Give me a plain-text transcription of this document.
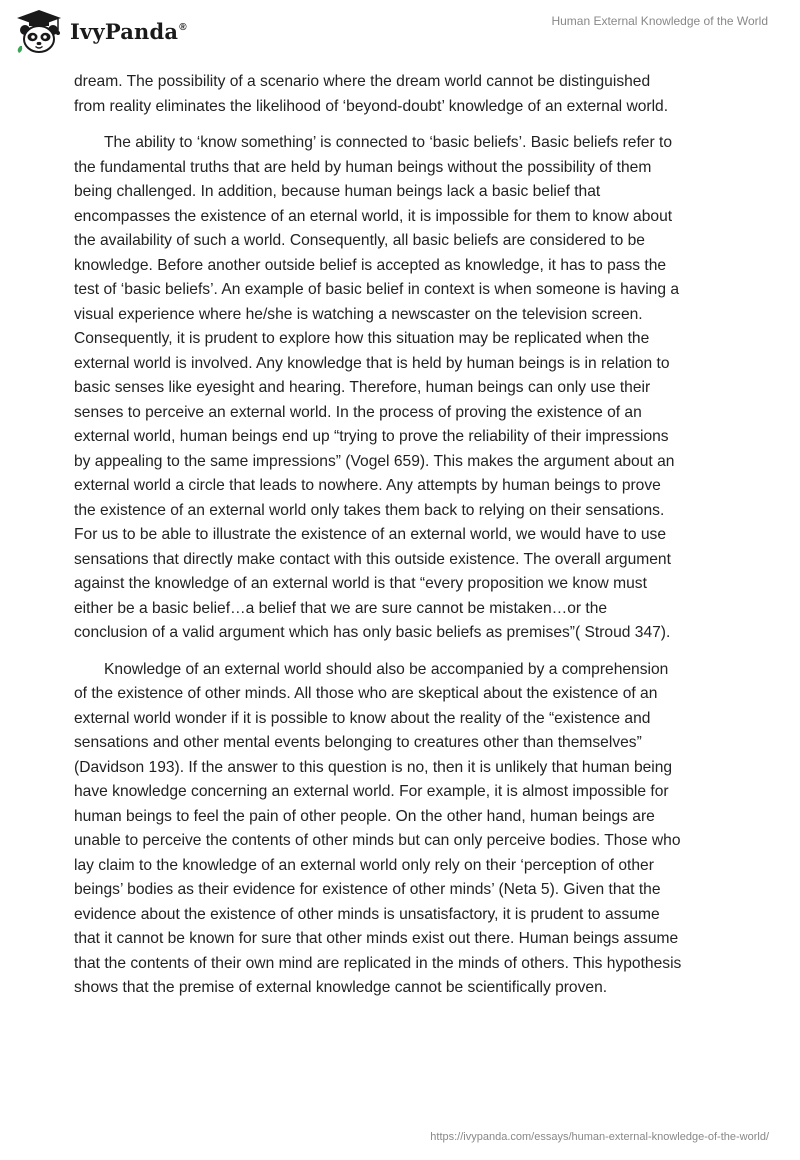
IvyPanda®	Human External Knowledge of the World

dream. The possibility of a scenario where the dream world cannot be distinguished
from reality eliminates the likelihood of ‘beyond-doubt’ knowledge of an external world.

The ability to ‘know something’ is connected to ‘basic beliefs’. Basic beliefs refer to
the fundamental truths that are held by human beings without the possibility of them
being challenged. In addition, because human beings lack a basic belief that
encompasses the existence of an eternal world, it is impossible for them to know about
the availability of such a world. Consequently, all basic beliefs are considered to be
knowledge. Before another outside belief is accepted as knowledge, it has to pass the
test of ‘basic beliefs’. An example of basic belief in context is when someone is having a
visual experience where he/she is watching a newscaster on the television screen.
Consequently, it is prudent to explore how this situation may be replicated when the
external world is involved. Any knowledge that is held by human beings is in relation to
basic senses like eyesight and hearing. Therefore, human beings can only use their
senses to perceive an external world. In the process of proving the existence of an
external world, human beings end up “trying to prove the reliability of their impressions
by appealing to the same impressions” (Vogel 659). This makes the argument about an
external world a circle that leads to nowhere. Any attempts by human beings to prove
the existence of an external world only takes them back to relying on their sensations.
For us to be able to illustrate the existence of an external world, we would have to use
sensations that directly make contact with this outside existence. The overall argument
against the knowledge of an external world is that “every proposition we know must
either be a basic belief…a belief that we are sure cannot be mistaken…or the
conclusion of a valid argument which has only basic beliefs as premises”( Stroud 347).

Knowledge of an external world should also be accompanied by a comprehension
of the existence of other minds. All those who are skeptical about the existence of an
external world wonder if it is possible to know about the reality of the “existence and
sensations and other mental events belonging to creatures other than themselves”
(Davidson 193). If the answer to this question is no, then it is unlikely that human being
have knowledge concerning an external world. For example, it is almost impossible for
human beings to feel the pain of other people. On the other hand, human beings are
unable to perceive the contents of other minds but can only perceive bodies. Those who
lay claim to the knowledge of an external world only rely on their ‘perception of other
beings’ bodies as their evidence for existence of other minds’ (Neta 5). Given that the
evidence about the existence of other minds is unsatisfactory, it is prudent to assume
that it cannot be known for sure that other minds exist out there. Human beings assume
that the contents of their own mind are replicated in the minds of others. This hypothesis
shows that the premise of external knowledge cannot be scientifically proven.

https://ivypanda.com/essays/human-external-knowledge-of-the-world/
